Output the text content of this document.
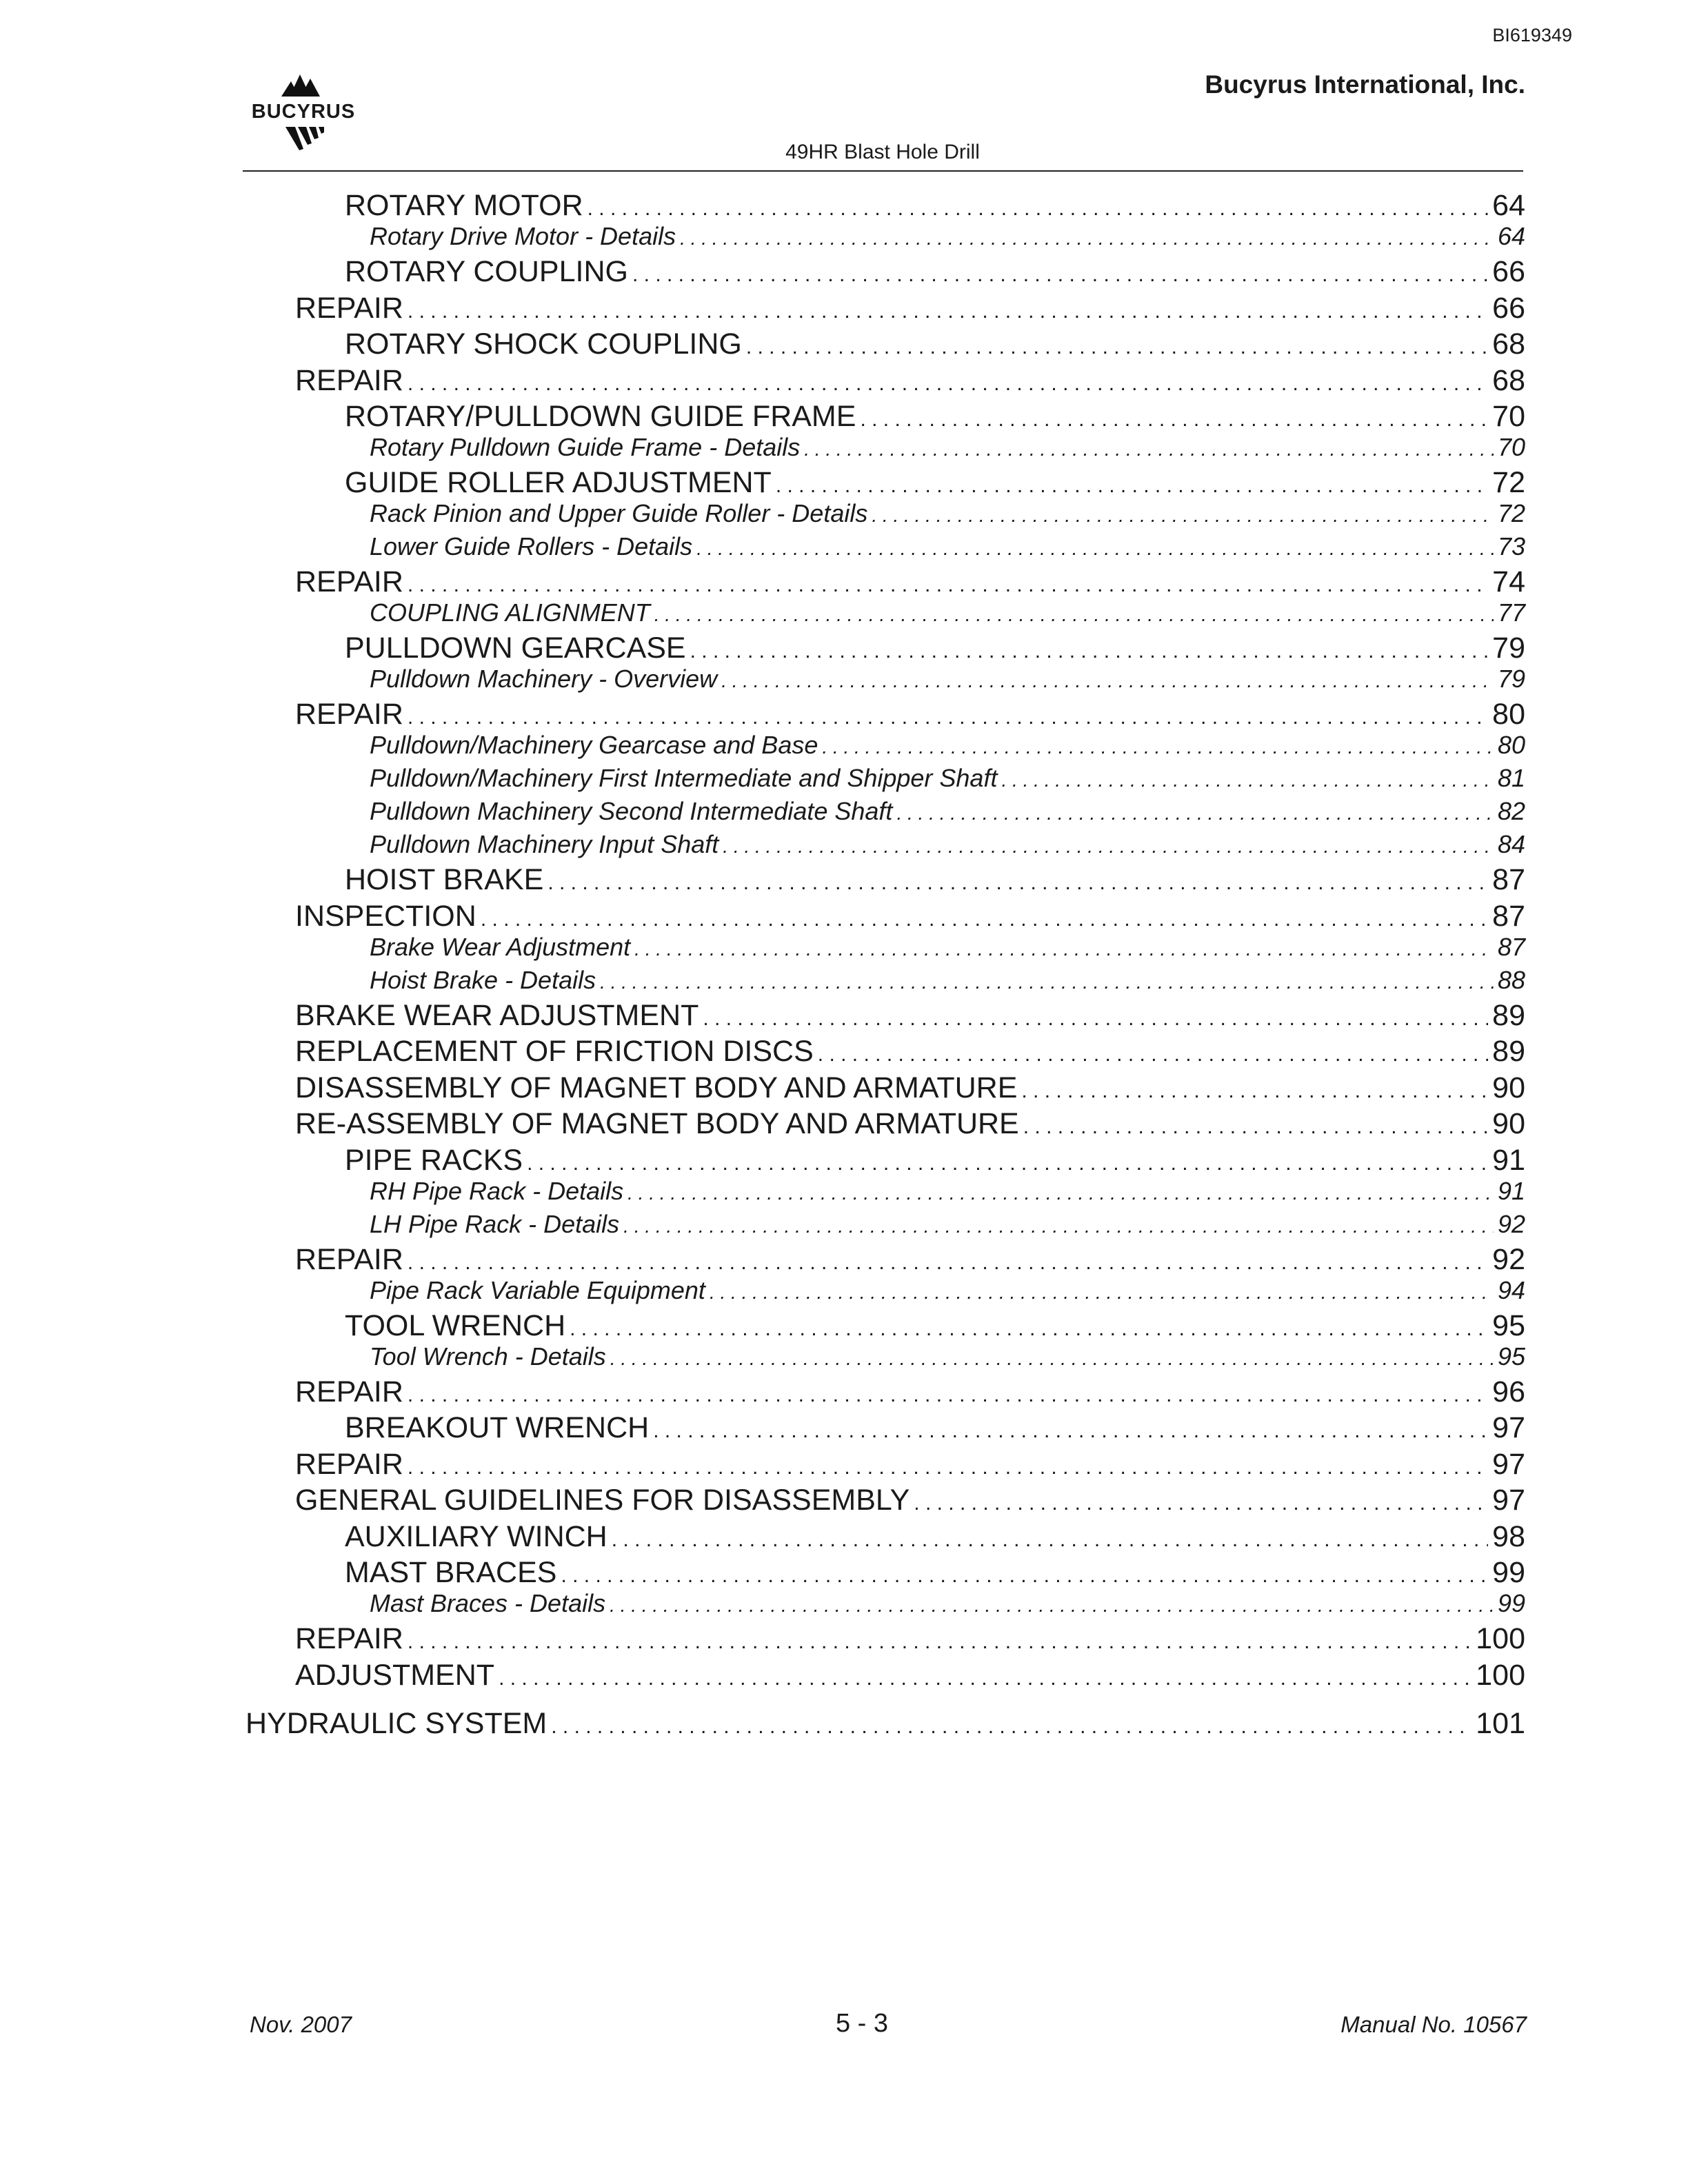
BI619349
BUCYRUS
Bucyrus International, Inc.
49HR Blast Hole Drill
ROTARY MOTOR . . .	64
Rotary Drive Motor - Details . . .	64
ROTARY COUPLING . . .	66
REPAIR . . .	66
ROTARY SHOCK COUPLING . . .	68
REPAIR . . .	68
ROTARY/PULLDOWN GUIDE FRAME . . .	70
Rotary Pulldown Guide Frame - Details . . .	70
GUIDE ROLLER ADJUSTMENT . . .	72
Rack Pinion and Upper Guide Roller - Details . . .	72
Lower Guide Rollers - Details . . .	73
REPAIR . . .	74
COUPLING ALIGNMENT . . .	77
PULLDOWN GEARCASE . . .	79
Pulldown Machinery - Overview . . .	79
REPAIR . . .	80
Pulldown/Machinery Gearcase and Base . . .	80
Pulldown/Machinery First Intermediate and Shipper Shaft . . .	81
Pulldown Machinery Second Intermediate Shaft . . .	82
Pulldown Machinery Input Shaft . . .	84
HOIST BRAKE . . .	87
INSPECTION . . .	87
Brake Wear Adjustment . . .	87
Hoist Brake - Details . . .	88
BRAKE WEAR ADJUSTMENT . . .	89
REPLACEMENT OF FRICTION DISCS . . .	89
DISASSEMBLY OF MAGNET BODY AND ARMATURE . . .	90
RE-ASSEMBLY OF MAGNET BODY AND ARMATURE . . .	90
PIPE RACKS . . .	91
RH Pipe Rack - Details . . .	91
LH Pipe Rack - Details . . .	92
REPAIR . . .	92
Pipe Rack Variable Equipment . . .	94
TOOL WRENCH . . .	95
Tool Wrench - Details . . .	95
REPAIR . . .	96
BREAKOUT WRENCH . . .	97
REPAIR . . .	97
GENERAL GUIDELINES FOR DISASSEMBLY . . .	97
AUXILIARY WINCH . . .	98
MAST BRACES . . .	99
Mast Braces - Details . . .	99
REPAIR . . .	100
ADJUSTMENT . . .	100
HYDRAULIC SYSTEM . . .	101
Nov. 2007	5 - 3	Manual No. 10567
